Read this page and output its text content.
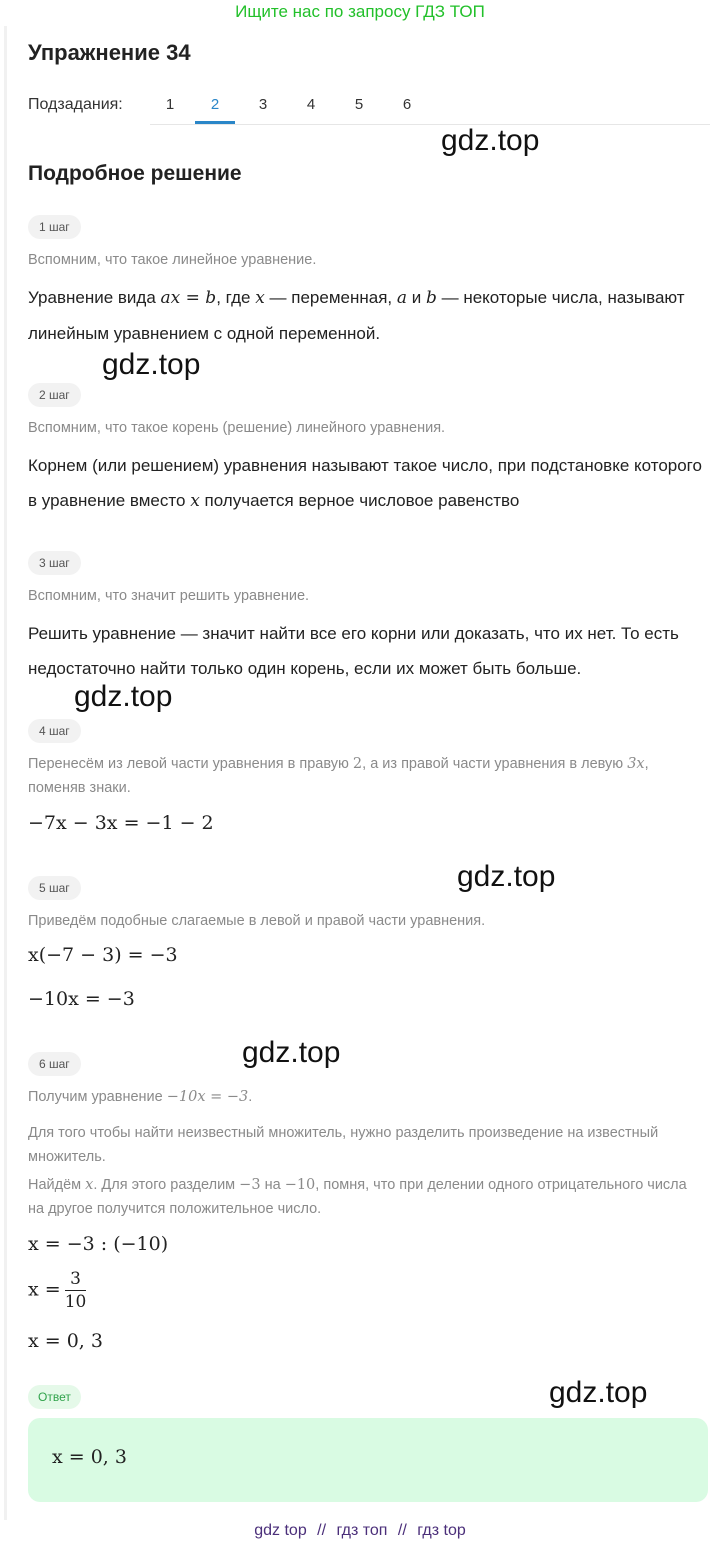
Ищите нас по запросу ГДЗ ТОП
Упражнение 34
Подзадания:	1	2	3	4	5	6
gdz.top
Подробное решение
1 шаг
Вспомним, что такое линейное уравнение.
Уравнение вида ax = b, где x — переменная, a и b — некоторые числа, называют линейным уравнением с одной переменной.
gdz.top
2 шаг
Вспомним, что такое корень (решение) линейного уравнения.
Корнем (или решением) уравнения называют такое число, при подстановке которого в уравнение вместо x получается верное числовое равенство
3 шаг
Вспомним, что значит решить уравнение.
Решить уравнение — значит найти все его корни или доказать, что их нет. То есть недостаточно найти только один корень, если их может быть больше.
gdz.top
4 шаг
Перенесём из левой части уравнения в правую 2, а из правой части уравнения в левую 3x, поменяв знаки.
−7x − 3x = −1 − 2
gdz.top
5 шаг
Приведём подобные слагаемые в левой и правой части уравнения.
x(−7 − 3) = −3
−10x = −3
gdz.top
6 шаг
Получим уравнение −10x = −3.
Для того чтобы найти неизвестный множитель, нужно разделить произведение на известный множитель.
Найдём x. Для этого разделим −3 на −10, помня, что при делении одного отрицательного числа на другое получится положительное число.
x = −3 : (−10)
$x = \frac{3}{10}$
x = 0, 3
gdz.top
Ответ
x = 0, 3
gdz top // гдз топ // гдз top
